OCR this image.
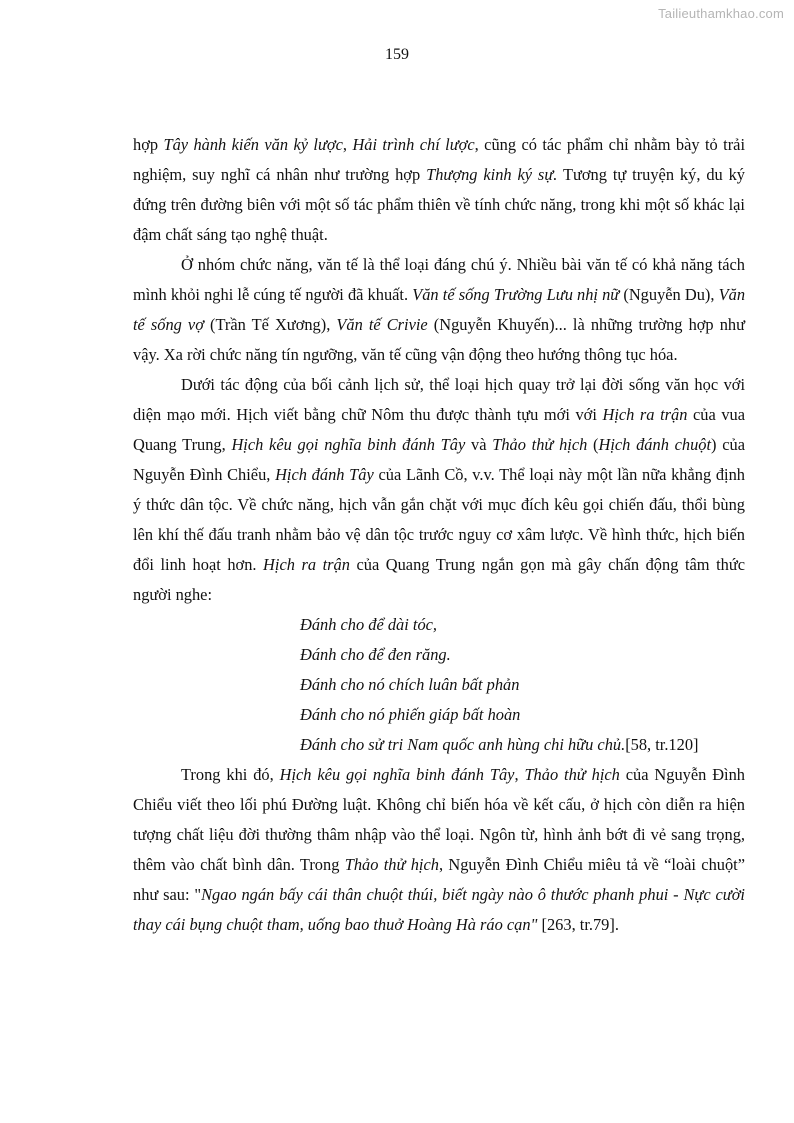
Tailieuthamkhao.com
159

hợp Tây hành kiến văn kỷ lược, Hải trình chí lược, cũng có tác phẩm chỉ nhằm bày tỏ trải nghiệm, suy nghĩ cá nhân như trường hợp Thượng kinh ký sự. Tương tự truyện ký, du ký đứng trên đường biên với một số tác phẩm thiên về tính chức năng, trong khi một số khác lại đậm chất sáng tạo nghệ thuật.

Ở nhóm chức năng, văn tế là thể loại đáng chú ý. Nhiều bài văn tế có khả năng tách mình khỏi nghi lễ cúng tế người đã khuất. Văn tế sống Trường Lưu nhị nữ (Nguyễn Du), Văn tế sống vợ (Trần Tế Xương), Văn tế Crivie (Nguyễn Khuyến)... là những trường hợp như vậy. Xa rời chức năng tín ngưỡng, văn tế cũng vận động theo hướng thông tục hóa.

Dưới tác động của bối cảnh lịch sử, thể loại hịch quay trở lại đời sống văn học với diện mạo mới. Hịch viết bằng chữ Nôm thu được thành tựu mới với Hịch ra trận của vua Quang Trung, Hịch kêu gọi nghĩa binh đánh Tây và Thảo thử hịch (Hịch đánh chuột) của Nguyễn Đình Chiểu, Hịch đánh Tây của Lãnh Cồ, v.v. Thể loại này một lần nữa khẳng định ý thức dân tộc. Về chức năng, hịch vẫn gắn chặt với mục đích kêu gọi chiến đấu, thổi bùng lên khí thế đấu tranh nhằm bảo vệ dân tộc trước nguy cơ xâm lược. Về hình thức, hịch biến đổi linh hoạt hơn. Hịch ra trận của Quang Trung ngắn gọn mà gây chấn động tâm thức người nghe:

Đánh cho để dài tóc,

Đánh cho để đen răng.

Đánh cho nó chích luân bất phản

Đánh cho nó phiến giáp bất hoàn

Đánh cho sử tri Nam quốc anh hùng chi hữu chủ.[58, tr.120]

Trong khi đó, Hịch kêu gọi nghĩa binh đánh Tây, Thảo thử hịch của Nguyễn Đình Chiểu viết theo lối phú Đường luật. Không chỉ biến hóa về kết cấu, ở hịch còn diễn ra hiện tượng chất liệu đời thường thâm nhập vào thể loại. Ngôn từ, hình ảnh bớt đi vẻ sang trọng, thêm vào chất bình dân. Trong Thảo thử hịch, Nguyễn Đình Chiểu miêu tả về “loài chuột” như sau: "Ngao ngán bấy cái thân chuột thúi, biết ngày nào ô thước phanh phui - Nực cười thay cái bụng chuột tham, uống bao thuở Hoàng Hà ráo cạn" [263, tr.79].
